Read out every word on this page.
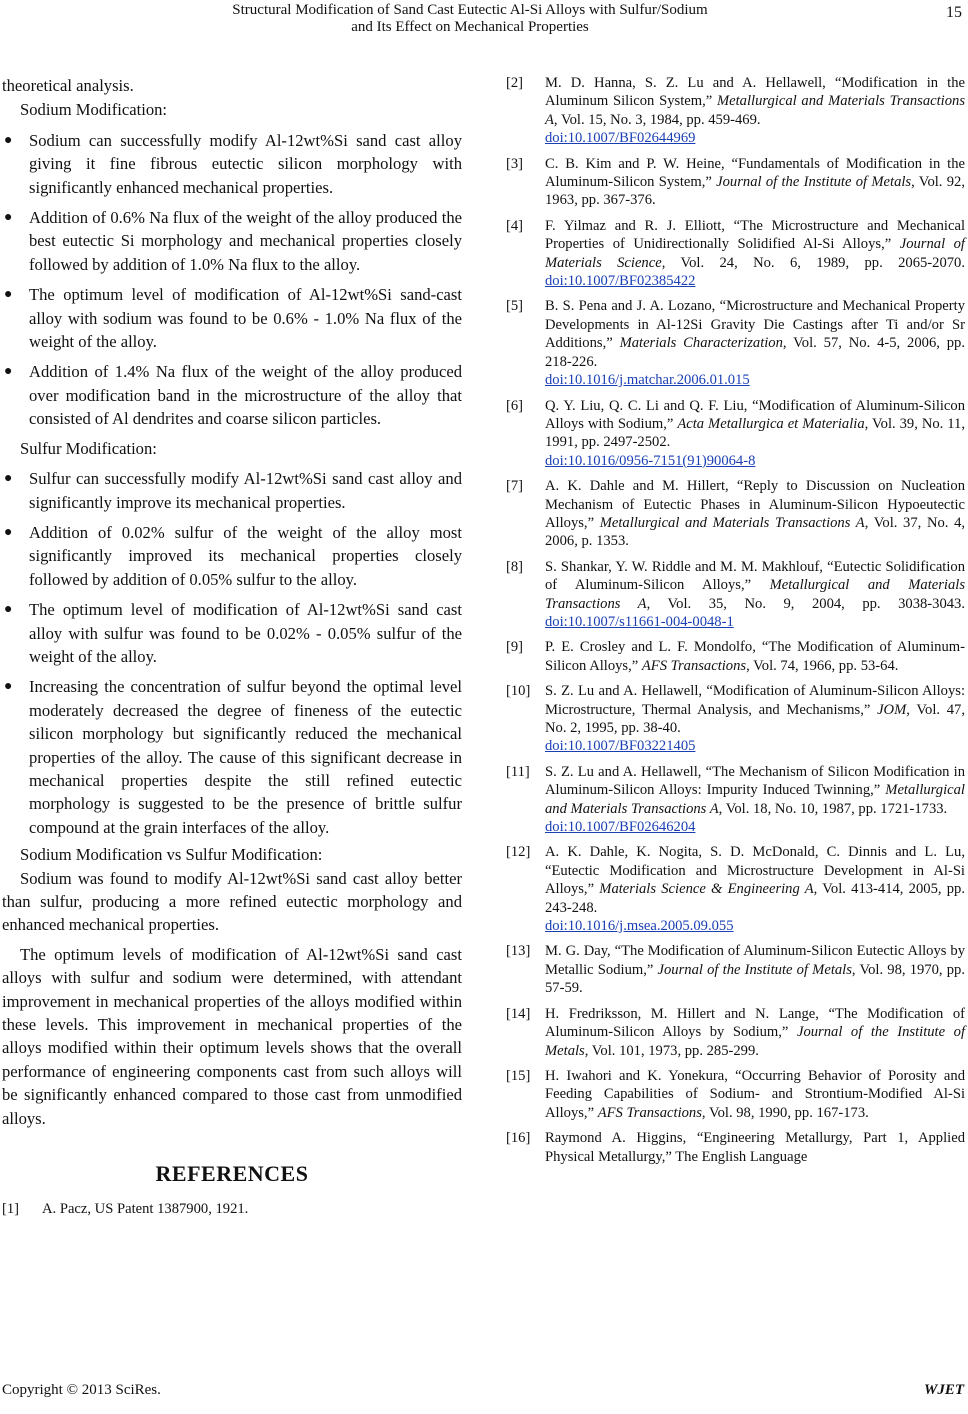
Structural Modification of Sand Cast Eutectic Al-Si Alloys with Sulfur/Sodium
and Its Effect on Mechanical Properties
15

theoretical analysis.

Sodium Modification:

● Sodium can successfully modify Al-12wt%Si sand cast alloy giving it fine fibrous eutectic silicon morphology with significantly enhanced mechanical properties.
● Addition of 0.6% Na flux of the weight of the alloy produced the best eutectic Si morphology and mechanical properties closely followed by addition of 1.0% Na flux to the alloy.
● The optimum level of modification of Al-12wt%Si sand-cast alloy with sodium was found to be 0.6% - 1.0% Na flux of the weight of the alloy.
● Addition of 1.4% Na flux of the weight of the alloy produced over modification band in the microstructure of the alloy that consisted of Al dendrites and coarse silicon particles.

Sulfur Modification:

● Sulfur can successfully modify Al-12wt%Si sand cast alloy and significantly improve its mechanical properties.
● Addition of 0.02% sulfur of the weight of the alloy most significantly improved its mechanical properties closely followed by addition of 0.05% sulfur to the alloy.
● The optimum level of modification of Al-12wt%Si sand cast alloy with sulfur was found to be 0.02% - 0.05% sulfur of the weight of the alloy.
● Increasing the concentration of sulfur beyond the optimal level moderately decreased the degree of fineness of the eutectic silicon morphology but significantly reduced the mechanical properties of the alloy. The cause of this significant decrease in mechanical properties despite the still refined eutectic morphology is suggested to be the presence of brittle sulfur compound at the grain interfaces of the alloy.

Sodium Modification vs Sulfur Modification:

Sodium was found to modify Al-12wt%Si sand cast alloy better than sulfur, producing a more refined eutectic morphology and enhanced mechanical properties.

The optimum levels of modification of Al-12wt%Si sand cast alloys with sulfur and sodium were determined, with attendant improvement in mechanical properties of the alloys modified within these levels. This improvement in mechanical properties of the alloys modified within their optimum levels shows that the overall performance of engineering components cast from such alloys will be significantly enhanced compared to those cast from unmodified alloys.

REFERENCES
[1] A. Pacz, US Patent 1387900, 1921.
[2] M. D. Hanna, S. Z. Lu and A. Hellawell, “Modification in the Aluminum Silicon System,” Metallurgical and Materials Transactions A, Vol. 15, No. 3, 1984, pp. 459-469.
doi:10.1007/BF02644969
[3] C. B. Kim and P. W. Heine, “Fundamentals of Modification in the Aluminum-Silicon System,” Journal of the Institute of Metals, Vol. 92, 1963, pp. 367-376.
[4] F. Yilmaz and R. J. Elliott, “The Microstructure and Mechanical Properties of Unidirectionally Solidified Al-Si Alloys,” Journal of Materials Science, Vol. 24, No. 6, 1989, pp. 2065-2070. doi:10.1007/BF02385422
[5] B. S. Pena and J. A. Lozano, “Microstructure and Mechanical Property Developments in Al-12Si Gravity Die Castings after Ti and/or Sr Additions,” Materials Characterization, Vol. 57, No. 4-5, 2006, pp. 218-226.
doi:10.1016/j.matchar.2006.01.015
[6] Q. Y. Liu, Q. C. Li and Q. F. Liu, “Modification of Aluminum-Silicon Alloys with Sodium,” Acta Metallurgica et Materialia, Vol. 39, No. 11, 1991, pp. 2497-2502.
doi:10.1016/0956-7151(91)90064-8
[7] A. K. Dahle and M. Hillert, “Reply to Discussion on Nucleation Mechanism of Eutectic Phases in Aluminum-Silicon Hypoeutectic Alloys,” Metallurgical and Materials Transactions A, Vol. 37, No. 4, 2006, p. 1353.
[8] S. Shankar, Y. W. Riddle and M. M. Makhlouf, “Eutectic Solidification of Aluminum-Silicon Alloys,” Metallurgical and Materials Transactions A, Vol. 35, No. 9, 2004, pp. 3038-3043. doi:10.1007/s11661-004-0048-1
[9] P. E. Crosley and L. F. Mondolfo, “The Modification of Aluminum-Silicon Alloys,” AFS Transactions, Vol. 74, 1966, pp. 53-64.
[10] S. Z. Lu and A. Hellawell, “Modification of Aluminum-Silicon Alloys: Microstructure, Thermal Analysis, and Mechanisms,” JOM, Vol. 47, No. 2, 1995, pp. 38-40.
doi:10.1007/BF03221405
[11] S. Z. Lu and A. Hellawell, “The Mechanism of Silicon Modification in Aluminum-Silicon Alloys: Impurity Induced Twinning,” Metallurgical and Materials Transactions A, Vol. 18, No. 10, 1987, pp. 1721-1733.
doi:10.1007/BF02646204
[12] A. K. Dahle, K. Nogita, S. D. McDonald, C. Dinnis and L. Lu, “Eutectic Modification and Microstructure Development in Al-Si Alloys,” Materials Science & Engineering A, Vol. 413-414, 2005, pp. 243-248.
doi:10.1016/j.msea.2005.09.055
[13] M. G. Day, “The Modification of Aluminum-Silicon Eutectic Alloys by Metallic Sodium,” Journal of the Institute of Metals, Vol. 98, 1970, pp. 57-59.
[14] H. Fredriksson, M. Hillert and N. Lange, “The Modification of Aluminum-Silicon Alloys by Sodium,” Journal of the Institute of Metals, Vol. 101, 1973, pp. 285-299.
[15] H. Iwahori and K. Yonekura, “Occurring Behavior of Porosity and Feeding Capabilities of Sodium- and Strontium-Modified Al-Si Alloys,” AFS Transactions, Vol. 98, 1990, pp. 167-173.
[16] Raymond A. Higgins, “Engineering Metallurgy, Part 1, Applied Physical Metallurgy,” The English Language
Copyright © 2013 SciRes.	WJET
